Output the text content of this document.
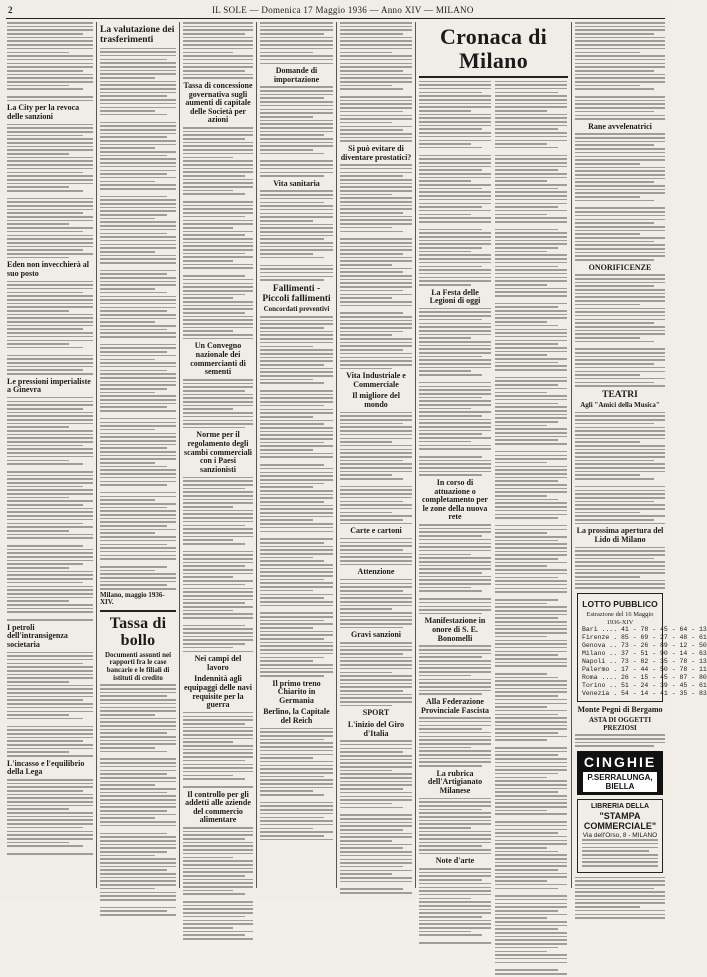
2	IL SOLE — Domenica 17 Maggio 1936 — Anno XIV — MILANO
La City per la revoca delle sanzioni
Eden non invecchierà al suo posto
Le pressioni imperialiste a Ginevra
I petroli dell'intransigenza societaria
L'incasso e l'equilibrio della Lega
La valutazione dei trasferimenti
Milano, maggio 1936-XIV.
Tassa di bollo
Documenti assunti nei rapporti fra le case bancarie e le filiali di istituti di credito
Tassa di concessione governativa sugli aumenti di capitale delle Società per azioni
Un Convegno nazionale dei commercianti di sementi
Norme per il regolamento degli scambi commerciali con i Paesi sanzionisti
Nei campi del lavoro
Indennità agli equipaggi delle navi requisite per la guerra
Il controllo per gli addetti alle aziende del commercio alimentare
Domande di importazione
Vita sanitaria
Fallimenti - Piccoli fallimenti
Concordati preventivi
Il primo treno Chiarito in Germania
Berlino, la Capitale del Reich
Si può evitare di diventare prostatici?
Vita Industriale e Commerciale
Il migliore del mondo
Carte e cartoni
Attenzione
Gravi sanzioni
SPORT
L'inizio del Giro d'Italia
Cronaca di Milano
La Festa delle Legioni di oggi
In corso di attuazione o completamento per le zone della nuova rete
Manifestazione in onore di S. E. Bonomelli
Alla Federazione Provinciale Fascista
La rubrica dell'Artigianato Milanese
Note d'arte
Rane avvelenatrici
ONORIFICENZE
TEATRI
Agli "Amici della Musica"
La prossima apertura del Lido di Milano
LOTTO PUBBLICO
Estrazione del 16 Maggio 1936-XIV
Bari .... 41 - 78 - 45 - 64 - 13
Firenze . 85 - 69 - 27 - 48 - 61
Genova .. 73 - 26 - 89 - 12 - 50
Milano .. 37 - 51 - 90 - 14 - 63
Napoli .. 73 - 82 - 35 - 78 - 13
Palermo . 17 - 44 - 50 - 78 - 11
Roma .... 26 - 15 - 45 - 87 - 80
Torino .. 51 - 24 - 39 - 45 - 61
Venezia . 54 - 14 - 41 - 35 - 83
Monte Pegni di Bergamo
ASTA DI OGGETTI PREZIOSI
CINGHIE
P.SERRALUNGA, BIELLA
LIBRERIA DELLA
"STAMPA COMMERCIALE"
Via dell'Orso, 8 - MILANO
